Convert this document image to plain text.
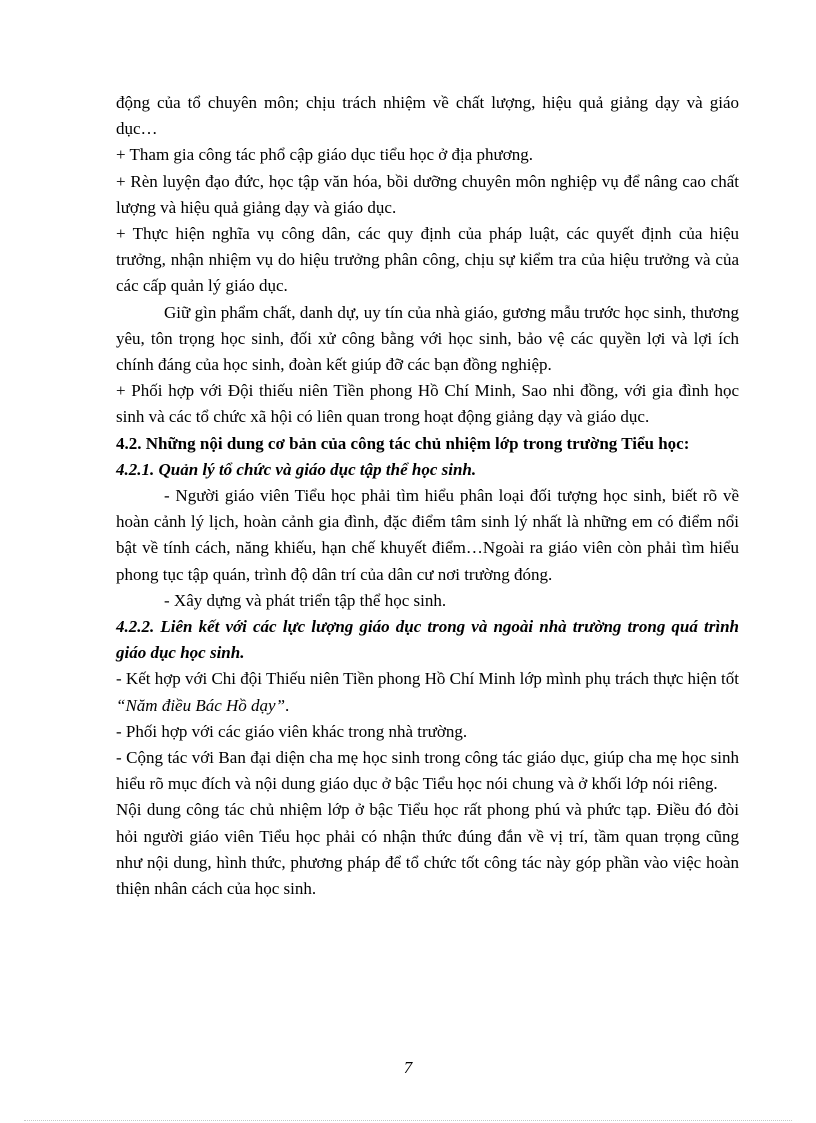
động của tổ chuyên môn; chịu trách nhiệm về chất lượng, hiệu quả giảng dạy và giáo dục…

+ Tham gia công tác phổ cập giáo dục tiểu học ở địa phương.

+ Rèn luyện đạo đức, học tập văn hóa, bồi dưỡng chuyên môn nghiệp vụ để nâng cao chất lượng và hiệu quả giảng dạy và giáo dục.

+ Thực hiện nghĩa vụ công dân, các quy định của pháp luật, các quyết định của hiệu trưởng, nhận nhiệm vụ do hiệu trưởng phân công, chịu sự kiểm tra của hiệu trưởng và của các cấp quản lý giáo dục.

Giữ gìn phẩm chất, danh dự, uy tín của nhà giáo, gương mẫu trước học sinh, thương yêu, tôn trọng học sinh, đối xử công bằng với học sinh, bảo vệ các quyền lợi và lợi ích chính đáng của học sinh, đoàn kết giúp đỡ các bạn đồng nghiệp.

+ Phối hợp với Đội thiếu niên Tiền phong Hồ Chí Minh, Sao nhi đồng, với gia đình học sinh và các tổ chức xã hội có liên quan trong hoạt động giảng dạy và giáo dục.

4.2. Những nội dung cơ bản của công tác chủ nhiệm lớp trong trường Tiểu học:

4.2.1. Quản lý tổ chức và giáo dục tập thể học sinh.

- Người giáo viên Tiểu học phải tìm hiểu phân loại đối tượng học sinh, biết rõ về hoàn cảnh lý lịch, hoàn cảnh gia đình, đặc điểm tâm sinh lý nhất là những em có điểm nổi bật về tính cách, năng khiếu, hạn chế khuyết điểm…Ngoài ra giáo viên còn phải tìm hiểu phong tục tập quán, trình độ dân trí của dân cư nơi trường đóng.

- Xây dựng và phát triển tập thể học sinh.

4.2.2. Liên kết với các lực lượng giáo dục trong và ngoài nhà trường trong quá trình giáo dục học sinh.

- Kết hợp với Chi đội Thiếu niên Tiền phong Hồ Chí Minh lớp mình phụ trách thực hiện tốt “Năm điều Bác Hồ dạy”.

- Phối hợp với các giáo viên khác trong nhà trường.

- Cộng tác với Ban đại diện cha mẹ học sinh trong công tác giáo dục, giúp cha mẹ học sinh hiểu rõ mục đích và nội dung giáo dục ở bậc Tiểu học nói chung và ở khối lớp nói riêng.

Nội dung công tác chủ nhiệm lớp ở bậc Tiểu học rất phong phú và phức tạp. Điều đó đòi hỏi người giáo viên Tiểu học phải có nhận thức đúng đắn về vị trí, tầm quan trọng cũng như nội dung, hình thức, phương pháp để tổ chức tốt công tác này góp phần vào việc hoàn thiện nhân cách của học sinh.

7
